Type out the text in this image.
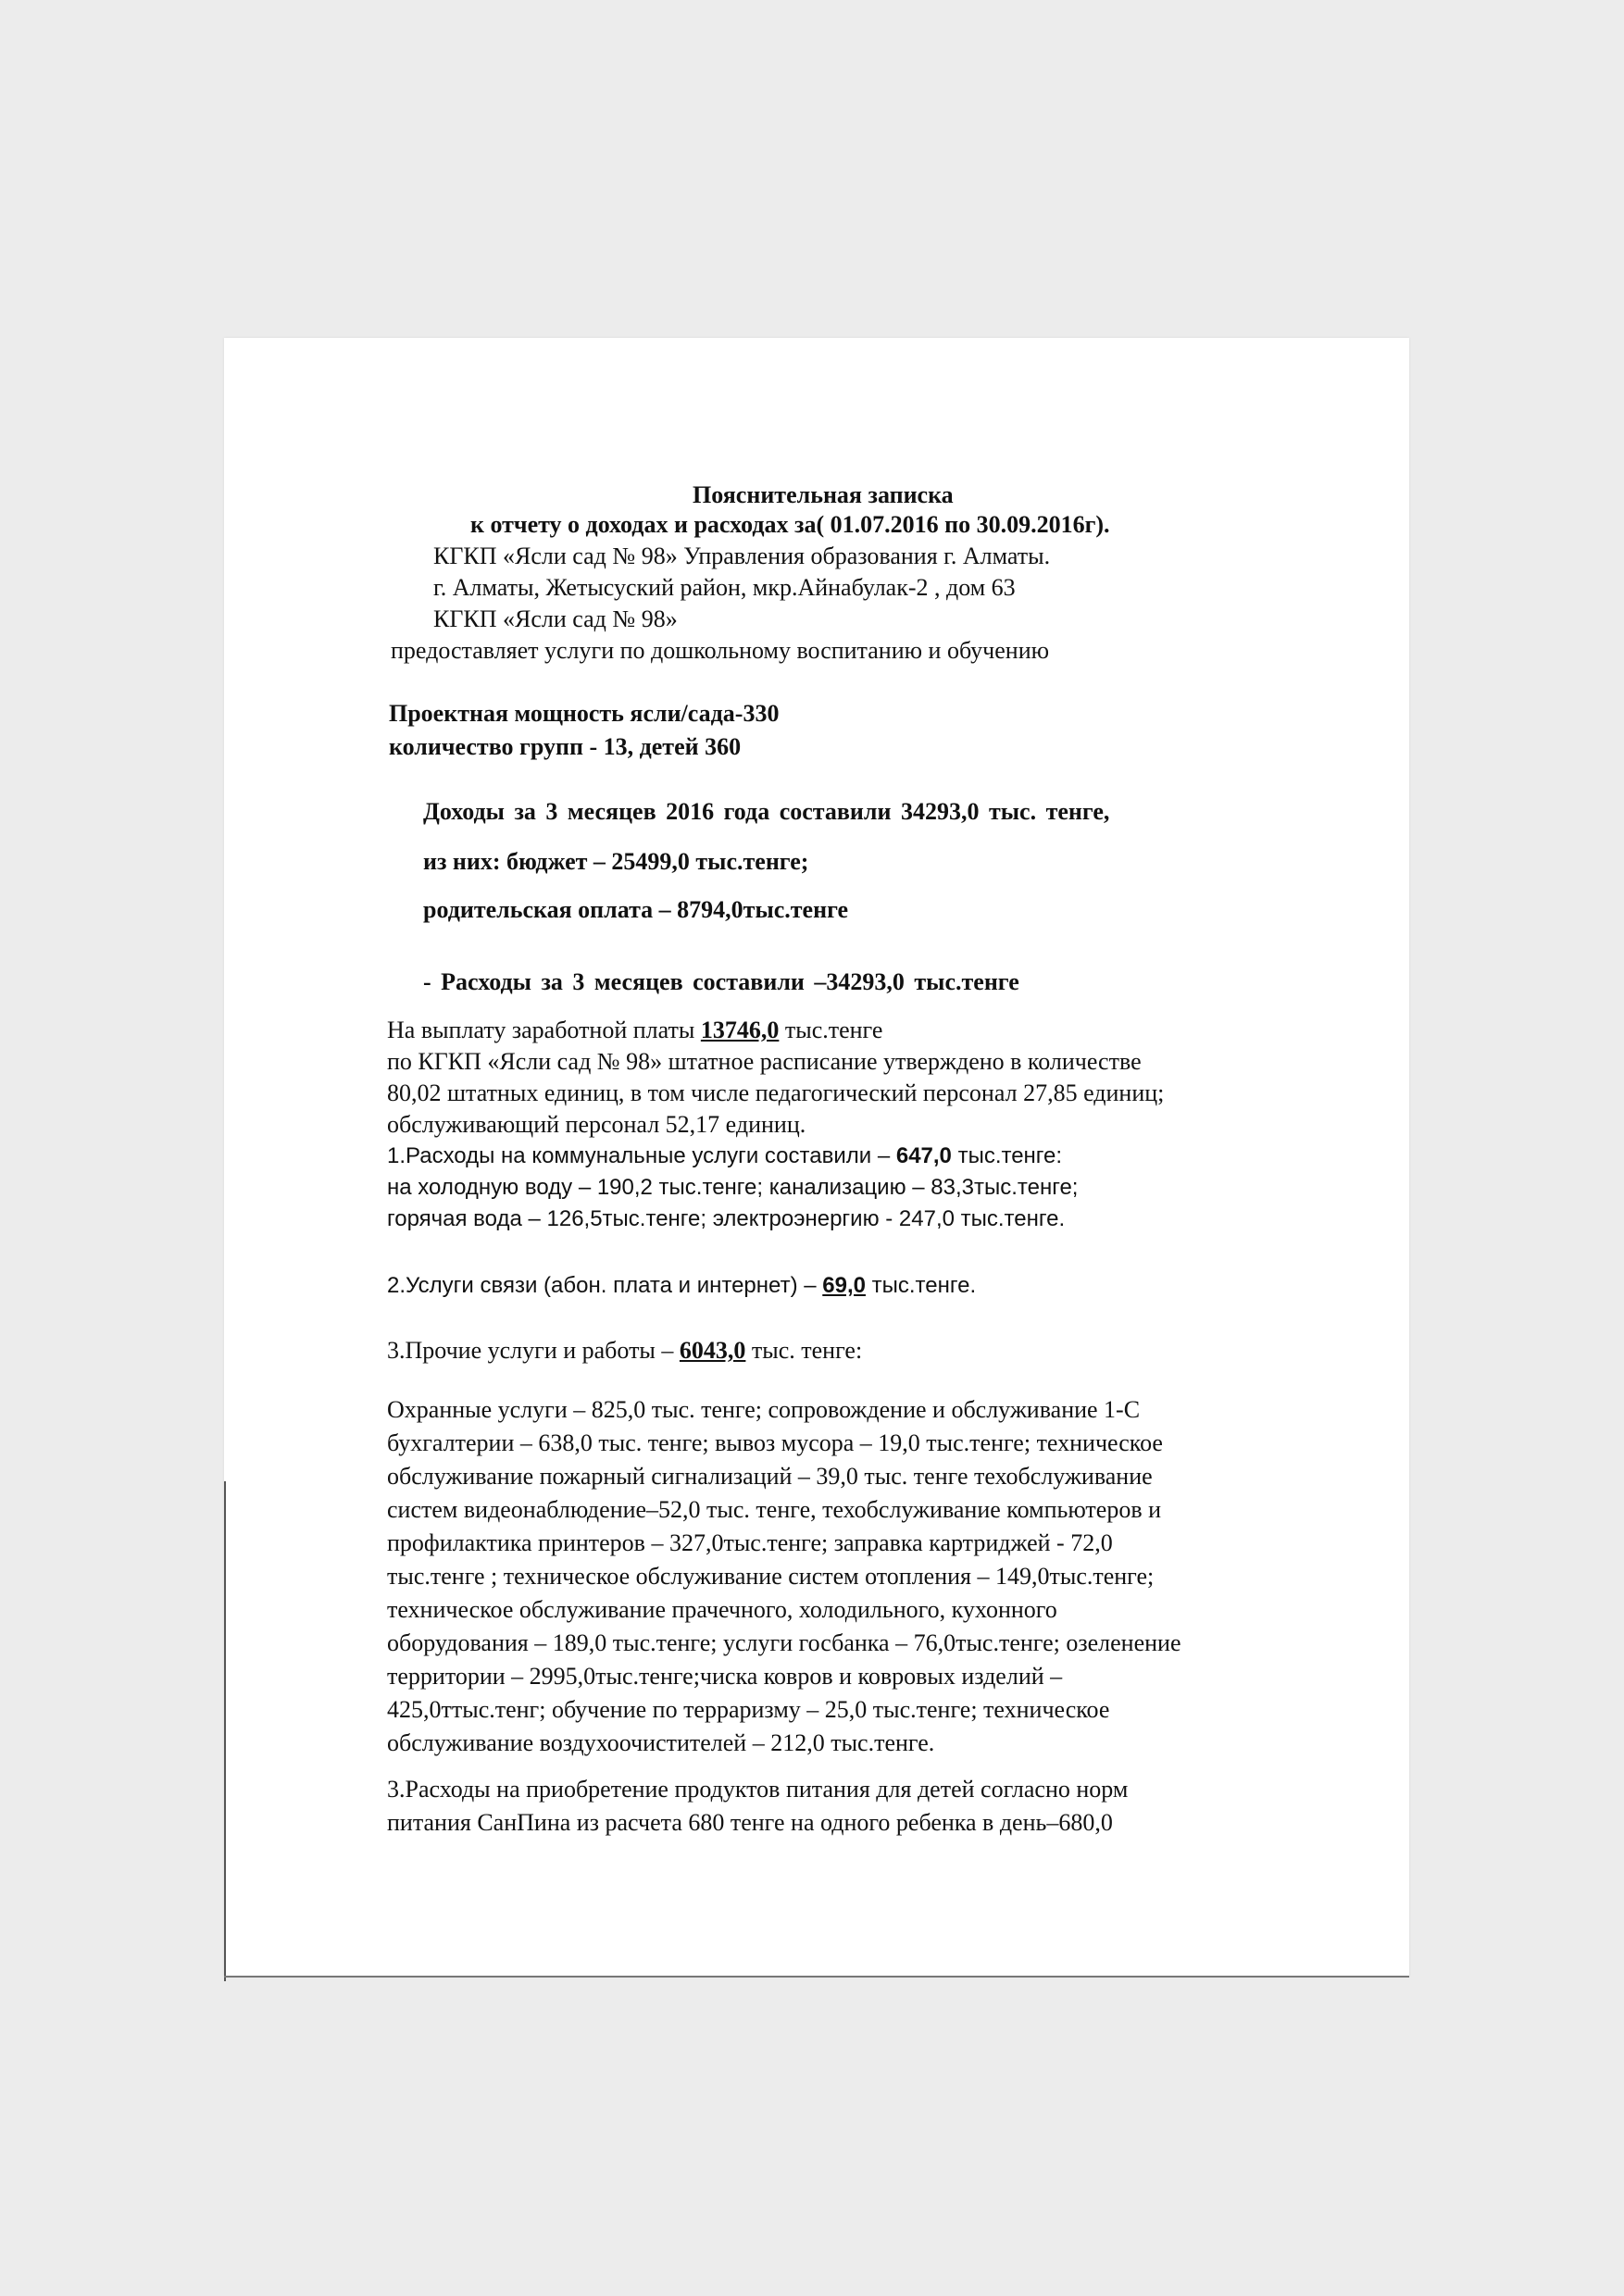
Пояснительная записка
к отчету о доходах и расходах за( 01.07.2016 по 30.09.2016г).
КГКП «Ясли сад № 98» Управления образования г. Алматы.
г. Алматы, Жетысуский район, мкр.Айнабулак-2 , дом 63
КГКП «Ясли сад № 98»
предоставляет услуги по дошкольному воспитанию и обучению
Проектная мощность ясли/сада-330
количество групп - 13, детей 360
Доходы за 3 месяцев 2016 года составили 34293,0 тыс. тенге,
из них: бюджет – 25499,0 тыс.тенге;
родительская оплата – 8794,0тыс.тенге
- Расходы за 3 месяцев составили –34293,0 тыс.тенге
На выплату заработной платы 13746,0 тыс.тенге
по КГКП «Ясли сад № 98» штатное расписание утверждено в количестве
80,02 штатных единиц, в том числе педагогический персонал 27,85 единиц;
обслуживающий персонал 52,17 единиц.
1.Расходы на коммунальные услуги составили – 647,0 тыс.тенге:
на холодную воду – 190,2 тыс.тенге; канализацию – 83,3тыс.тенге;
горячая вода – 126,5тыс.тенге; электроэнергию - 247,0 тыс.тенге.
2.Услуги связи (абон. плата и интернет) – 69,0 тыс.тенге.
3.Прочие услуги и работы – 6043,0 тыс. тенге:
Охранные услуги – 825,0 тыс. тенге; сопровождение и обслуживание 1-С
бухгалтерии – 638,0 тыс. тенге; вывоз мусора – 19,0 тыс.тенге; техническое
обслуживание пожарный сигнализаций – 39,0 тыс. тенге техобслуживание
систем видеонаблюдение–52,0 тыс. тенге, техобслуживание компьютеров и
профилактика принтеров – 327,0тыс.тенге; заправка картриджей - 72,0
тыс.тенге ; техническое обслуживание систем отопления – 149,0тыс.тенге;
техническое обслуживание прачечного, холодильного, кухонного
оборудования – 189,0 тыс.тенге; услуги госбанка – 76,0тыс.тенге; озеленение
территории – 2995,0тыс.тенге;чиска ковров и ковровых изделий –
425,0ттыс.тенг; обучение по терраризму – 25,0 тыс.тенге; техническое
обслуживание воздухоочистителей – 212,0 тыс.тенге.
3.Расходы на приобретение продуктов питания для детей согласно норм
питания СанПина из расчета 680 тенге на одного ребенка в день–680,0
